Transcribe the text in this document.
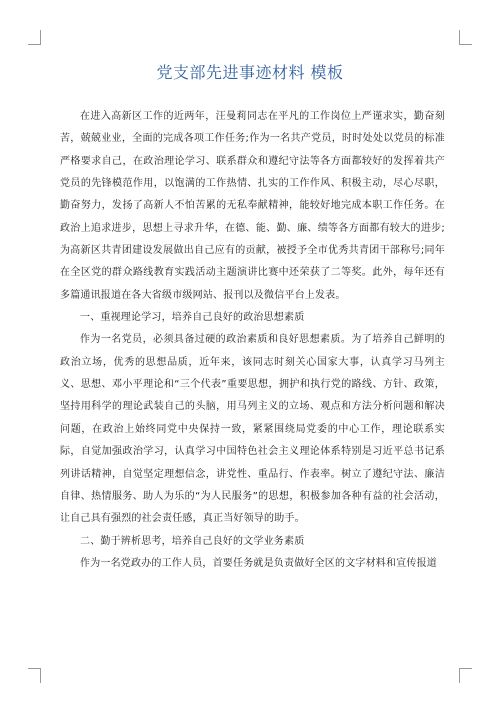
党支部先进事迹材料 模板

在进入高新区工作的近两年，汪曼莉同志在平凡的工作岗位上严谨求实，勤奋刻苦，兢兢业业，全面的完成各项工作任务;作为一名共产党员，时时处处以党员的标准严格要求自己，在政治理论学习、联系群众和遵纪守法等各方面都较好的发挥着共产党员的先锋模范作用，以饱满的工作热情、扎实的工作作风、积极主动，尽心尽职，勤奋努力，发扬了高新人不怕苦累的无私奉献精神，能较好地完成本职工作任务。在政治上追求进步，思想上寻求升华，在德、能、勤、廉、绩等各方面都有较大的进步;为高新区共青团建设发展做出自己应有的贡献，被授予全市优秀共青团干部称号;同年在全区党的群众路线教育实践活动主题演讲比赛中还荣获了二等奖。此外，每年还有多篇通讯报道在各大省级市级网站、报刊以及微信平台上发表。

一、重视理论学习，培养自己良好的政治思想素质

作为一名党员，必须具备过硬的政治素质和良好思想素质。为了培养自己鲜明的政治立场，优秀的思想品质，近年来，该同志时刻关心国家大事，认真学习马列主义、思想、邓小平理论和“三个代表”重要思想，拥护和执行党的路线、方针、政策，坚持用科学的理论武装自己的头脑，用马列主义的立场、观点和方法分析问题和解决问题，在政治上始终同党中央保持一致，紧紧围绕局党委的中心工作，理论联系实际，自觉加强政治学习，认真学习中国特色社会主义理论体系特别是习近平总书记系列讲话精神，自觉坚定理想信念，讲党性、重品行、作表率。树立了遵纪守法、廉洁自律、热情服务、助人为乐的“为人民服务”的思想，积极参加各种有益的社会活动，让自己具有强烈的社会责任感，真正当好领导的助手。

二、勤于辨析思考，培养自己良好的文学业务素质

作为一名党政办的工作人员，首要任务就是负责做好全区的文字材料和宣传报道
